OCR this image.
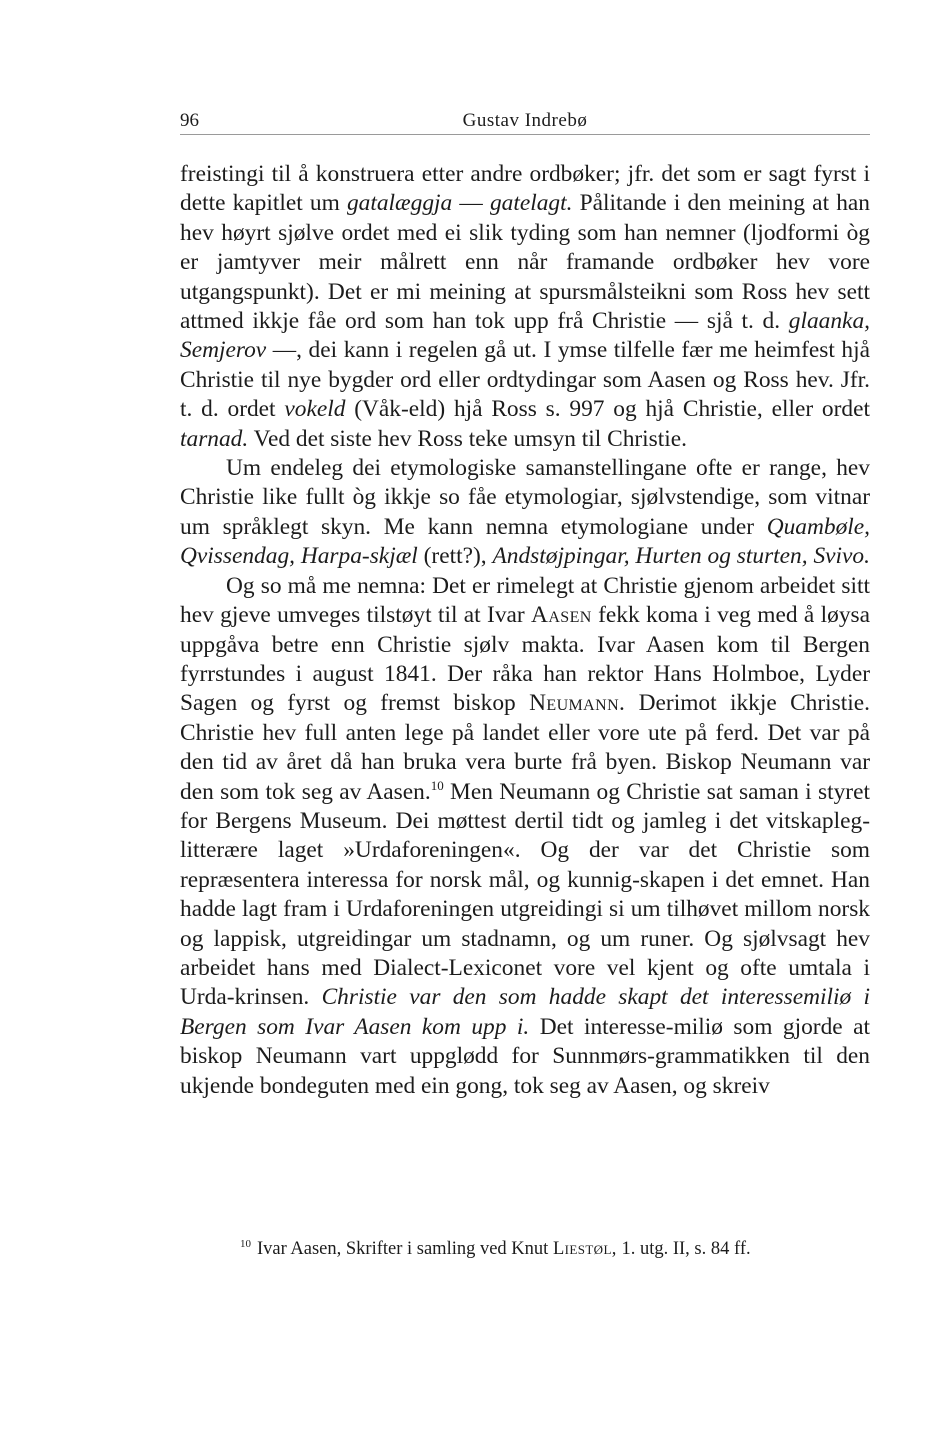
96	Gustav Indrebø

freistingi til å konstruera etter andre ordbøker; jfr. det som er sagt fyrst i dette kapitlet um gatalæggja — gatelagt. Pålitande i den meining at han hev høyrt sjølve ordet med ei slik tyding som han nemner (ljodformi òg er jamtyver meir målrett enn når framande ordbøker hev vore utgangspunkt). Det er mi meining at spursmålsteikni som Ross hev sett attmed ikkje fåe ord som han tok upp frå Christie — sjå t. d. glaanka, Semjerov —, dei kann i regelen gå ut. I ymse tilfelle fær me heimfest hjå Christie til nye bygder ord eller ordtydingar som Aasen og Ross hev. Jfr. t. d. ordet vokeld (Våk-eld) hjå Ross s. 997 og hjå Christie, eller ordet tarnad. Ved det siste hev Ross teke umsyn til Christie.

Um endeleg dei etymologiske samanstellingane ofte er range, hev Christie like fullt òg ikkje so fåe etymologiar, sjølvstendige, som vitnar um språklegt skyn. Me kann nemna etymologiane under Quambøle, Qvissendag, Harpa-skjæl (rett?), Andstøjpingar, Hurten og sturten, Svivo.

Og so må me nemna: Det er rimelegt at Christie gjenom arbeidet sitt hev gjeve umveges tilstøyt til at Ivar Aasen fekk koma i veg med å løysa uppgåva betre enn Christie sjølv makta. Ivar Aasen kom til Bergen fyrrstundes i august 1841. Der råka han rektor Hans Holmboe, Lyder Sagen og fyrst og fremst biskop Neumann. Derimot ikkje Christie. Christie hev full anten lege på landet eller vore ute på ferd. Det var på den tid av året då han bruka vera burte frå byen. Biskop Neumann var den som tok seg av Aasen.$^{10}$ Men Neumann og Christie sat saman i styret for Bergens Museum. Dei møttest dertil tidt og jamleg i det vitskapleg-litterære laget »Urdaforeningen«. Og der var det Christie som repræsentera interessa for norsk mål, og kunnig-skapen i det emnet. Han hadde lagt fram i Urdaforeningen utgreidingi si um tilhøvet millom norsk og lappisk, utgreidingar um stadnamn, og um runer. Og sjølvsagt hev arbeidet hans med Dialect-Lexiconet vore vel kjent og ofte umtala i Urda-krinsen. Christie var den som hadde skapt det interessemiliø i Bergen som Ivar Aasen kom upp i. Det interesse-miliø som gjorde at biskop Neumann vart uppglødd for Sunnmørs-grammatikken til den ukjende bondeguten med ein gong, tok seg av Aasen, og skreiv

$^{10}$ Ivar Aasen, Skrifter i samling ved Knut Liestøl, 1. utg. II, s. 84 ff.
